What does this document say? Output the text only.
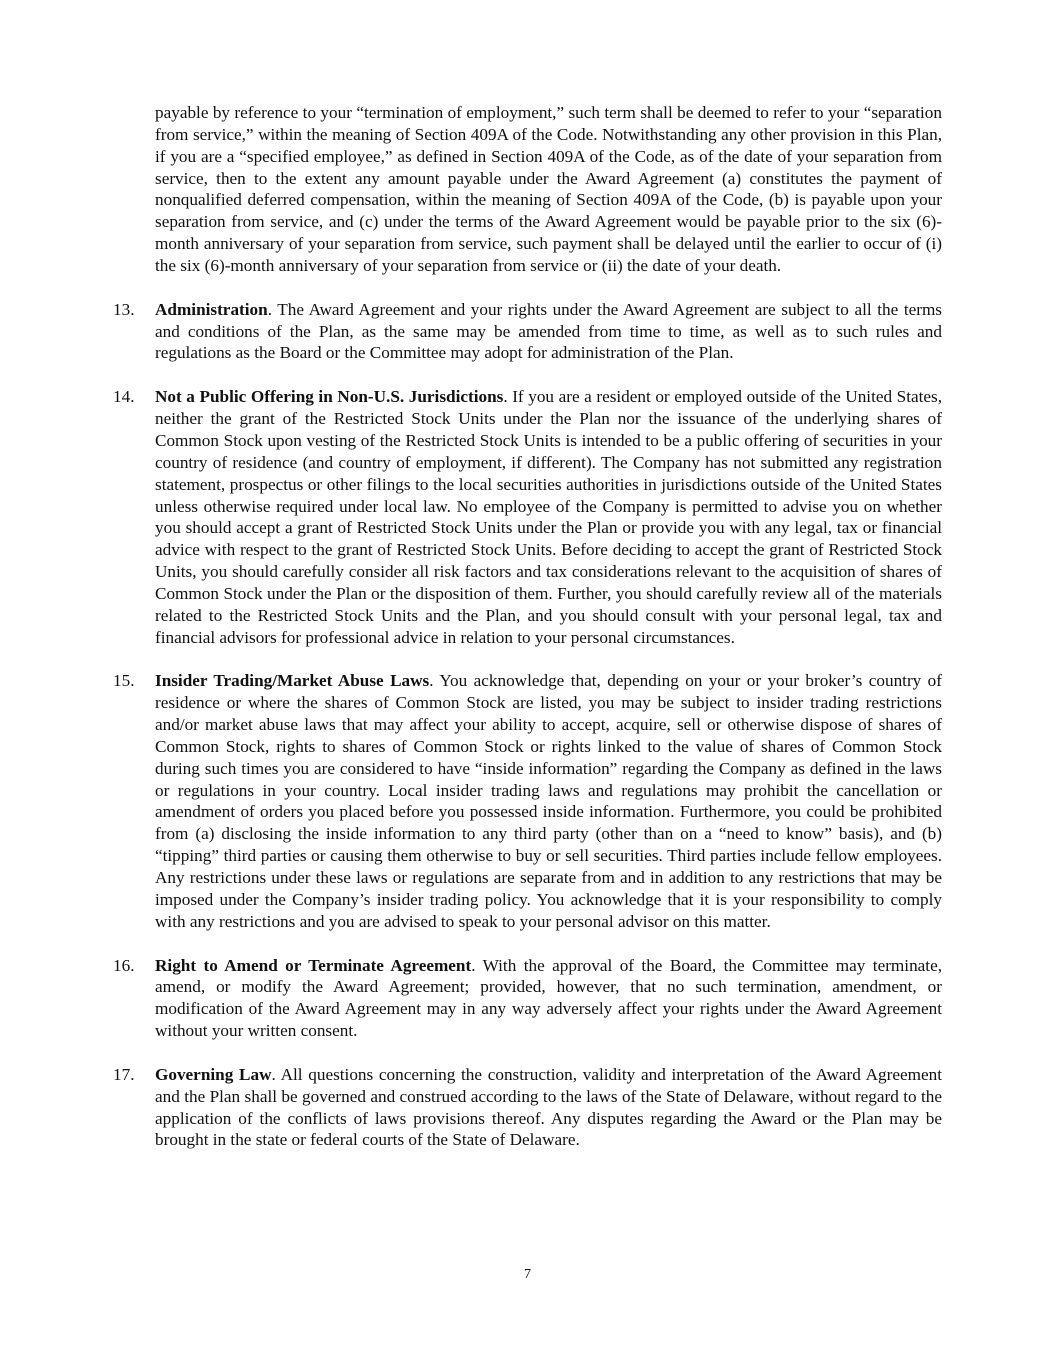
payable by reference to your “termination of employment,” such term shall be deemed to refer to your “separation from service,” within the meaning of Section 409A of the Code. Notwithstanding any other provision in this Plan, if you are a “specified employee,” as defined in Section 409A of the Code, as of the date of your separation from service, then to the extent any amount payable under the Award Agreement (a) constitutes the payment of nonqualified deferred compensation, within the meaning of Section 409A of the Code, (b) is payable upon your separation from service, and (c) under the terms of the Award Agreement would be payable prior to the six (6)-month anniversary of your separation from service, such payment shall be delayed until the earlier to occur of (i) the six (6)-month anniversary of your separation from service or (ii) the date of your death.

13.	Administration. The Award Agreement and your rights under the Award Agreement are subject to all the terms and conditions of the Plan, as the same may be amended from time to time, as well as to such rules and regulations as the Board or the Committee may adopt for administration of the Plan.

14.	Not a Public Offering in Non-U.S. Jurisdictions. If you are a resident or employed outside of the United States, neither the grant of the Restricted Stock Units under the Plan nor the issuance of the underlying shares of Common Stock upon vesting of the Restricted Stock Units is intended to be a public offering of securities in your country of residence (and country of employment, if different). The Company has not submitted any registration statement, prospectus or other filings to the local securities authorities in jurisdictions outside of the United States unless otherwise required under local law. No employee of the Company is permitted to advise you on whether you should accept a grant of Restricted Stock Units under the Plan or provide you with any legal, tax or financial advice with respect to the grant of Restricted Stock Units. Before deciding to accept the grant of Restricted Stock Units, you should carefully consider all risk factors and tax considerations relevant to the acquisition of shares of Common Stock under the Plan or the disposition of them. Further, you should carefully review all of the materials related to the Restricted Stock Units and the Plan, and you should consult with your personal legal, tax and financial advisors for professional advice in relation to your personal circumstances.

15.	Insider Trading/Market Abuse Laws. You acknowledge that, depending on your or your broker’s country of residence or where the shares of Common Stock are listed, you may be subject to insider trading restrictions and/or market abuse laws that may affect your ability to accept, acquire, sell or otherwise dispose of shares of Common Stock, rights to shares of Common Stock or rights linked to the value of shares of Common Stock during such times you are considered to have “inside information” regarding the Company as defined in the laws or regulations in your country. Local insider trading laws and regulations may prohibit the cancellation or amendment of orders you placed before you possessed inside information. Furthermore, you could be prohibited from (a) disclosing the inside information to any third party (other than on a “need to know” basis), and (b) “tipping” third parties or causing them otherwise to buy or sell securities. Third parties include fellow employees. Any restrictions under these laws or regulations are separate from and in addition to any restrictions that may be imposed under the Company’s insider trading policy. You acknowledge that it is your responsibility to comply with any restrictions and you are advised to speak to your personal advisor on this matter.

16.	Right to Amend or Terminate Agreement. With the approval of the Board, the Committee may terminate, amend, or modify the Award Agreement; provided, however, that no such termination, amendment, or modification of the Award Agreement may in any way adversely affect your rights under the Award Agreement without your written consent.

17.	Governing Law. All questions concerning the construction, validity and interpretation of the Award Agreement and the Plan shall be governed and construed according to the laws of the State of Delaware, without regard to the application of the conflicts of laws provisions thereof. Any disputes regarding the Award or the Plan may be brought in the state or federal courts of the State of Delaware.

7
